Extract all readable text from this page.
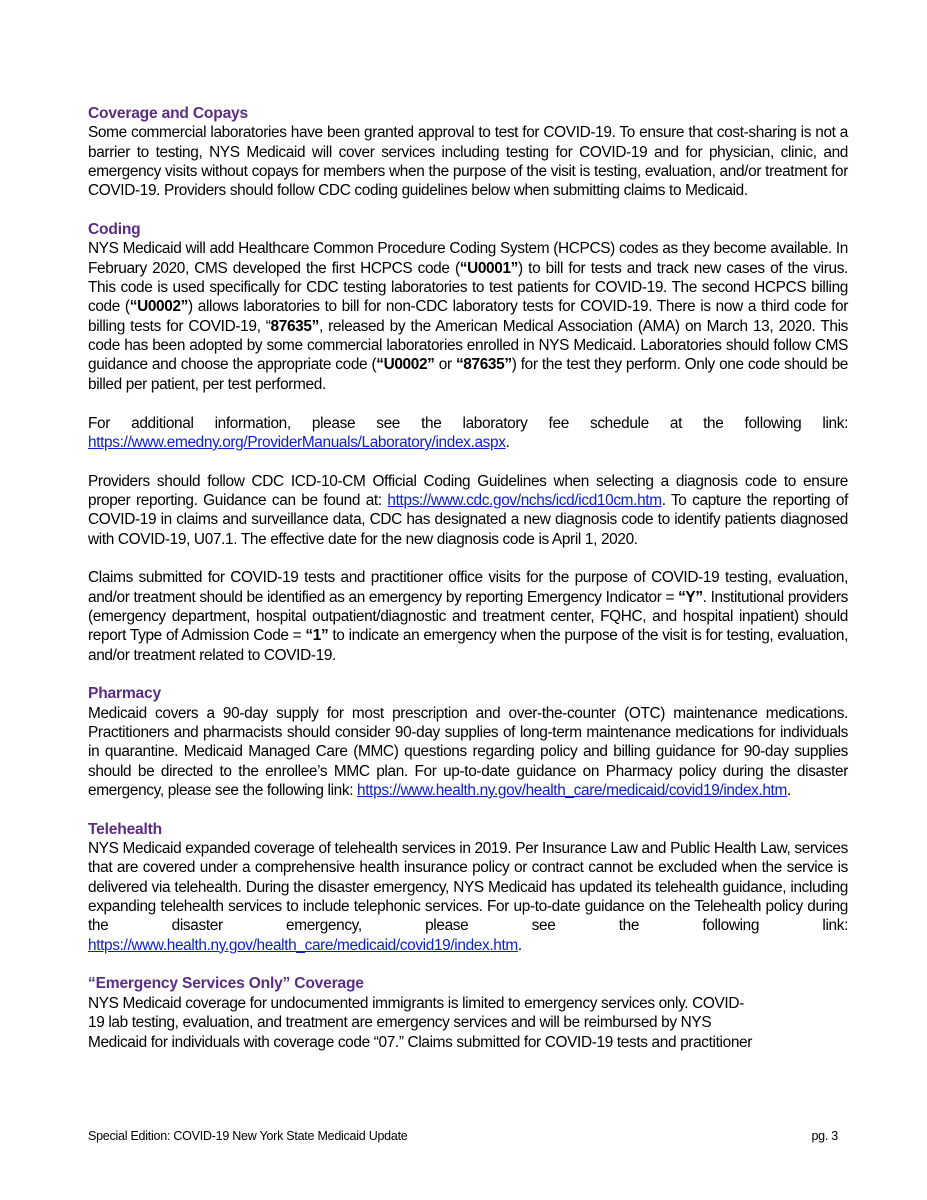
Coverage and Copays

Some commercial laboratories have been granted approval to test for COVID-19. To ensure that cost-sharing is not a barrier to testing, NYS Medicaid will cover services including testing for COVID-19 and for physician, clinic, and emergency visits without copays for members when the purpose of the visit is testing, evaluation, and/or treatment for COVID-19. Providers should follow CDC coding guidelines below when submitting claims to Medicaid.

Coding

NYS Medicaid will add Healthcare Common Procedure Coding System (HCPCS) codes as they become available. In February 2020, CMS developed the first HCPCS code (“U0001”) to bill for tests and track new cases of the virus. This code is used specifically for CDC testing laboratories to test patients for COVID-19. The second HCPCS billing code (“U0002”) allows laboratories to bill for non-CDC laboratory tests for COVID-19. There is now a third code for billing tests for COVID-19, “87635”, released by the American Medical Association (AMA) on March 13, 2020. This code has been adopted by some commercial laboratories enrolled in NYS Medicaid. Laboratories should follow CMS guidance and choose the appropriate code (“U0002” or “87635”) for the test they perform. Only one code should be billed per patient, per test performed.

For additional information, please see the laboratory fee schedule at the following link: https://www.emedny.org/ProviderManuals/Laboratory/index.aspx.

Providers should follow CDC ICD-10-CM Official Coding Guidelines when selecting a diagnosis code to ensure proper reporting. Guidance can be found at: https://www.cdc.gov/nchs/icd/icd10cm.htm. To capture the reporting of COVID-19 in claims and surveillance data, CDC has designated a new diagnosis code to identify patients diagnosed with COVID-19, U07.1. The effective date for the new diagnosis code is April 1, 2020.

Claims submitted for COVID-19 tests and practitioner office visits for the purpose of COVID-19 testing, evaluation, and/or treatment should be identified as an emergency by reporting Emergency Indicator = “Y”. Institutional providers (emergency department, hospital outpatient/diagnostic and treatment center, FQHC, and hospital inpatient) should report Type of Admission Code = “1” to indicate an emergency when the purpose of the visit is for testing, evaluation, and/or treatment related to COVID-19.

Pharmacy

Medicaid covers a 90-day supply for most prescription and over-the-counter (OTC) maintenance medications. Practitioners and pharmacists should consider 90-day supplies of long-term maintenance medications for individuals in quarantine. Medicaid Managed Care (MMC) questions regarding policy and billing guidance for 90-day supplies should be directed to the enrollee’s MMC plan. For up-to-date guidance on Pharmacy policy during the disaster emergency, please see the following link: https://www.health.ny.gov/health_care/medicaid/covid19/index.htm.

Telehealth

NYS Medicaid expanded coverage of telehealth services in 2019. Per Insurance Law and Public Health Law, services that are covered under a comprehensive health insurance policy or contract cannot be excluded when the service is delivered via telehealth. During the disaster emergency, NYS Medicaid has updated its telehealth guidance, including expanding telehealth services to include telephonic services. For up-to-date guidance on the Telehealth policy during the disaster emergency, please see the following link: https://www.health.ny.gov/health_care/medicaid/covid19/index.htm.

“Emergency Services Only” Coverage

NYS Medicaid coverage for undocumented immigrants is limited to emergency services only. COVID-
19 lab testing, evaluation, and treatment are emergency services and will be reimbursed by NYS
Medicaid for individuals with coverage code “07.” Claims submitted for COVID-19 tests and practitioner

Special Edition: COVID-19 New York State Medicaid Update	pg. 3
